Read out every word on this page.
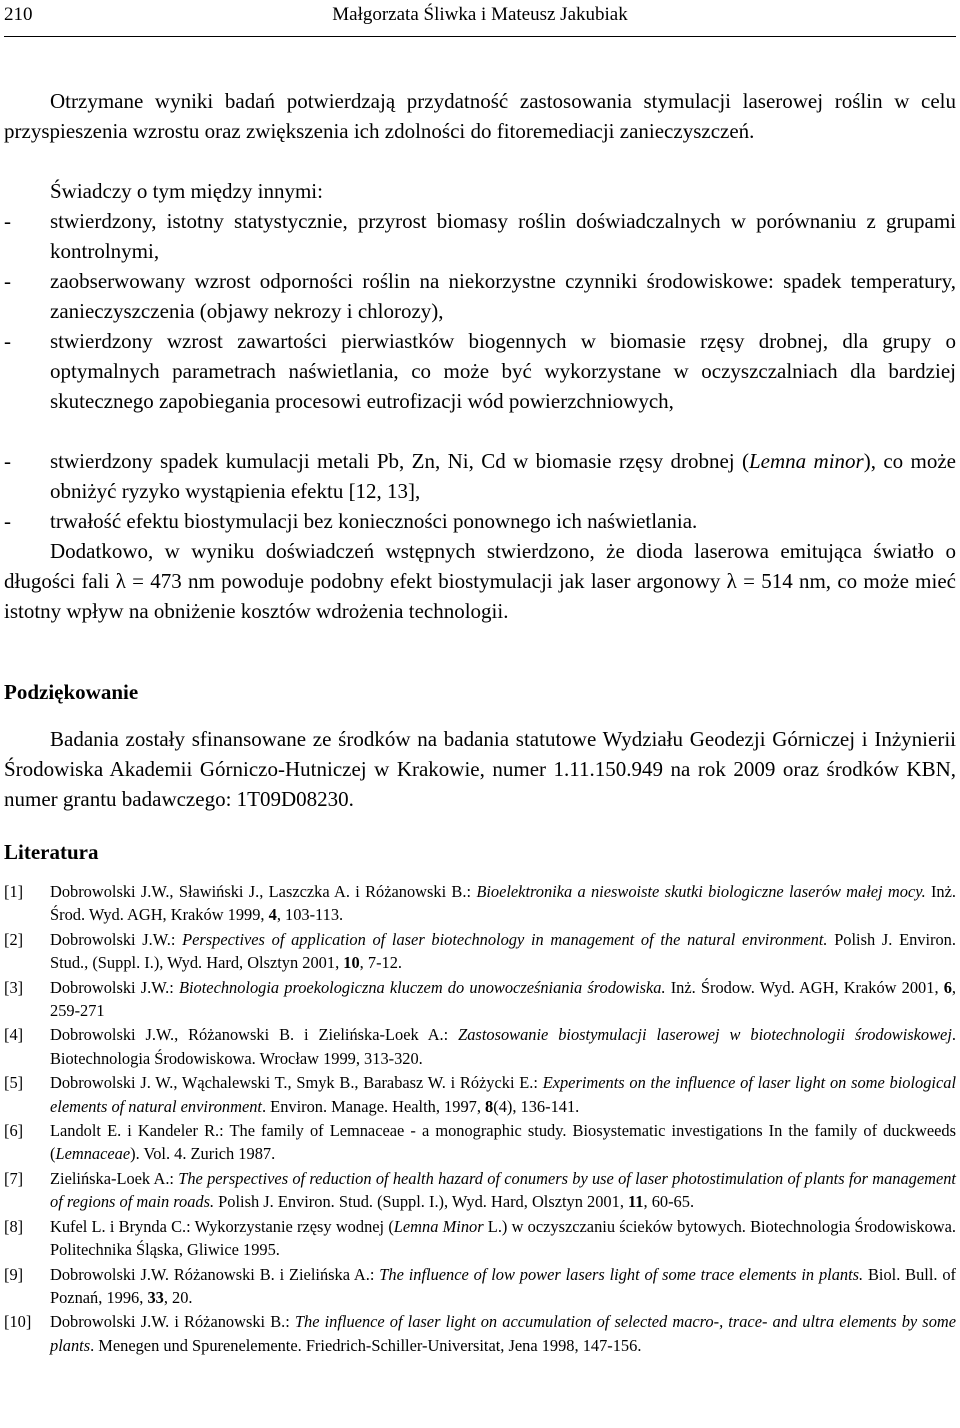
210	Małgorzata Śliwka i Mateusz Jakubiak
Otrzymane wyniki badań potwierdzają przydatność zastosowania stymulacji laserowej roślin w celu przyspieszenia wzrostu oraz zwiększenia ich zdolności do fitoremediacji zanieczyszczeń.
Świadczy o tym między innymi:
- stwierdzony, istotny statystycznie, przyrost biomasy roślin doświadczalnych w porównaniu z grupami kontrolnymi,
- zaobserwowany wzrost odporności roślin na niekorzystne czynniki środowiskowe: spadek temperatury, zanieczyszczenia (objawy nekrozy i chlorozy),
- stwierdzony wzrost zawartości pierwiastków biogennych w biomasie rzęsy drobnej, dla grupy o optymalnych parametrach naświetlania, co może być wykorzystane w oczyszczalniach dla bardziej skutecznego zapobiegania procesowi eutrofizacji wód powierzchniowych,
- stwierdzony spadek kumulacji metali Pb, Zn, Ni, Cd w biomasie rzęsy drobnej (Lemna minor), co może obniżyć ryzyko wystąpienia efektu [12, 13],
- trwałość efektu biostymulacji bez konieczności ponownego ich naświetlania.
Dodatkowo, w wyniku doświadczeń wstępnych stwierdzono, że dioda laserowa emitująca światło o długości fali λ = 473 nm powoduje podobny efekt biostymulacji jak laser argonowy λ = 514 nm, co może mieć istotny wpływ na obniżenie kosztów wdrożenia technologii.
Podziękowanie
Badania zostały sfinansowane ze środków na badania statutowe Wydziału Geodezji Górniczej i Inżynierii Środowiska Akademii Górniczo-Hutniczej w Krakowie, numer 1.11.150.949 na rok 2009 oraz środków KBN, numer grantu badawczego: 1T09D08230.
Literatura
[1] Dobrowolski J.W., Sławiński J., Laszczka A. i Różanowski B.: Bioelektronika a nieswoiste skutki biologiczne laserów małej mocy. Inż. Środ. Wyd. AGH, Kraków 1999, 4, 103-113.
[2] Dobrowolski J.W.: Perspectives of application of laser biotechnology in management of the natural environment. Polish J. Environ. Stud., (Suppl. I.), Wyd. Hard, Olsztyn 2001, 10, 7-12.
[3] Dobrowolski J.W.: Biotechnologia proekologiczna kluczem do unowocześniania środowiska. Inż. Środow. Wyd. AGH, Kraków 2001, 6, 259-271
[4] Dobrowolski J.W., Różanowski B. i Zielińska-Loek A.: Zastosowanie biostymulacji laserowej w biotechnologii środowiskowej. Biotechnologia Środowiskowa. Wrocław 1999, 313-320.
[5] Dobrowolski J. W., Wąchalewski T., Smyk B., Barabasz W. i Różycki E.: Experiments on the influence of laser light on some biological elements of natural environment. Environ. Manage. Health, 1997, 8(4), 136-141.
[6] Landolt E. i Kandeler R.: The family of Lemnaceae - a monographic study. Biosystematic investigations In the family of duckweeds (Lemnaceae). Vol. 4. Zurich 1987.
[7] Zielińska-Loek A.: The perspectives of reduction of health hazard of conumers by use of laser photostimulation of plants for management of regions of main roads. Polish J. Environ. Stud. (Suppl. I.), Wyd. Hard, Olsztyn 2001, 11, 60-65.
[8] Kufel L. i Brynda C.: Wykorzystanie rzęsy wodnej (Lemna Minor L.) w oczyszczaniu ścieków bytowych. Biotechnologia Środowiskowa. Politechnika Śląska, Gliwice 1995.
[9] Dobrowolski J.W. Różanowski B. i Zielińska A.: The influence of low power lasers light of some trace elements in plants. Biol. Bull. of Poznań, 1996, 33, 20.
[10] Dobrowolski J.W. i Różanowski B.: The influence of laser light on accumulation of selected macro-, trace- and ultra elements by some plants. Menegen und Spurenelemente. Friedrich-Schiller-Universitat, Jena 1998, 147-156.
